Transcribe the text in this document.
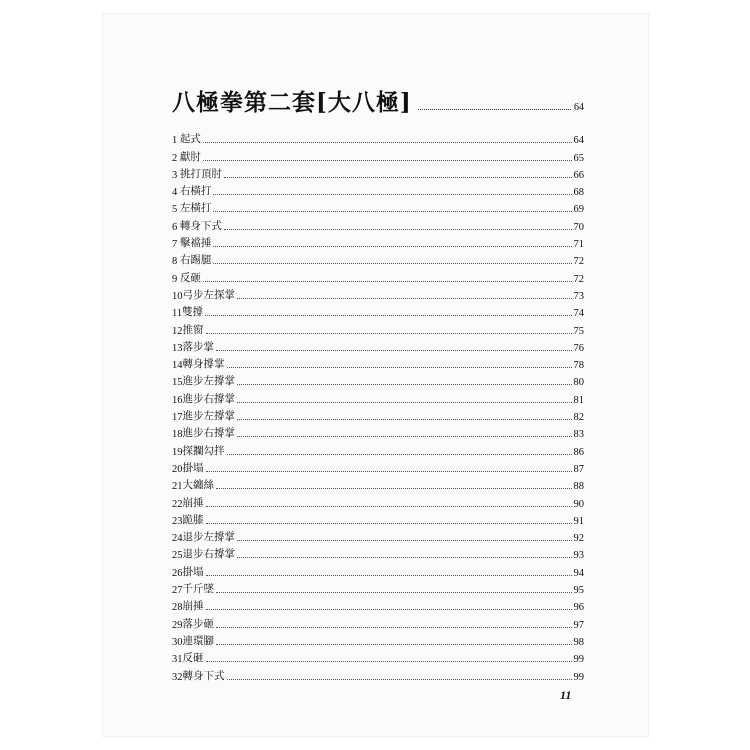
八極拳第二套[大八極]	64
1 起式	64
2 獻肘	65
3 挑打頂肘	66
4 右橫打	68
5 左橫打	69
6 轉身下式	70
7 擊襠捶	71
8 右踢腿	72
9 反砸	72
10 弓步左探掌	73
11 雙撐	74
12 推窗	75
13 落步掌	76
14 轉身撐掌	78
15 進步左撐掌	80
16 進步右撐掌	81
17 進步左撐掌	82
18 進步右撐掌	83
19 探攔勾拌	86
20 掛塌	87
21 大纏絲	88
22 崩捶	90
23 跪膝	91
24 退步左撐掌	92
25 退步右撐掌	93
26 掛塌	94
27 千斤墜	95
28 崩捶	96
29 落步砸	97
30 連環腳	98
31 反砸	99
32 轉身下式	99
11
